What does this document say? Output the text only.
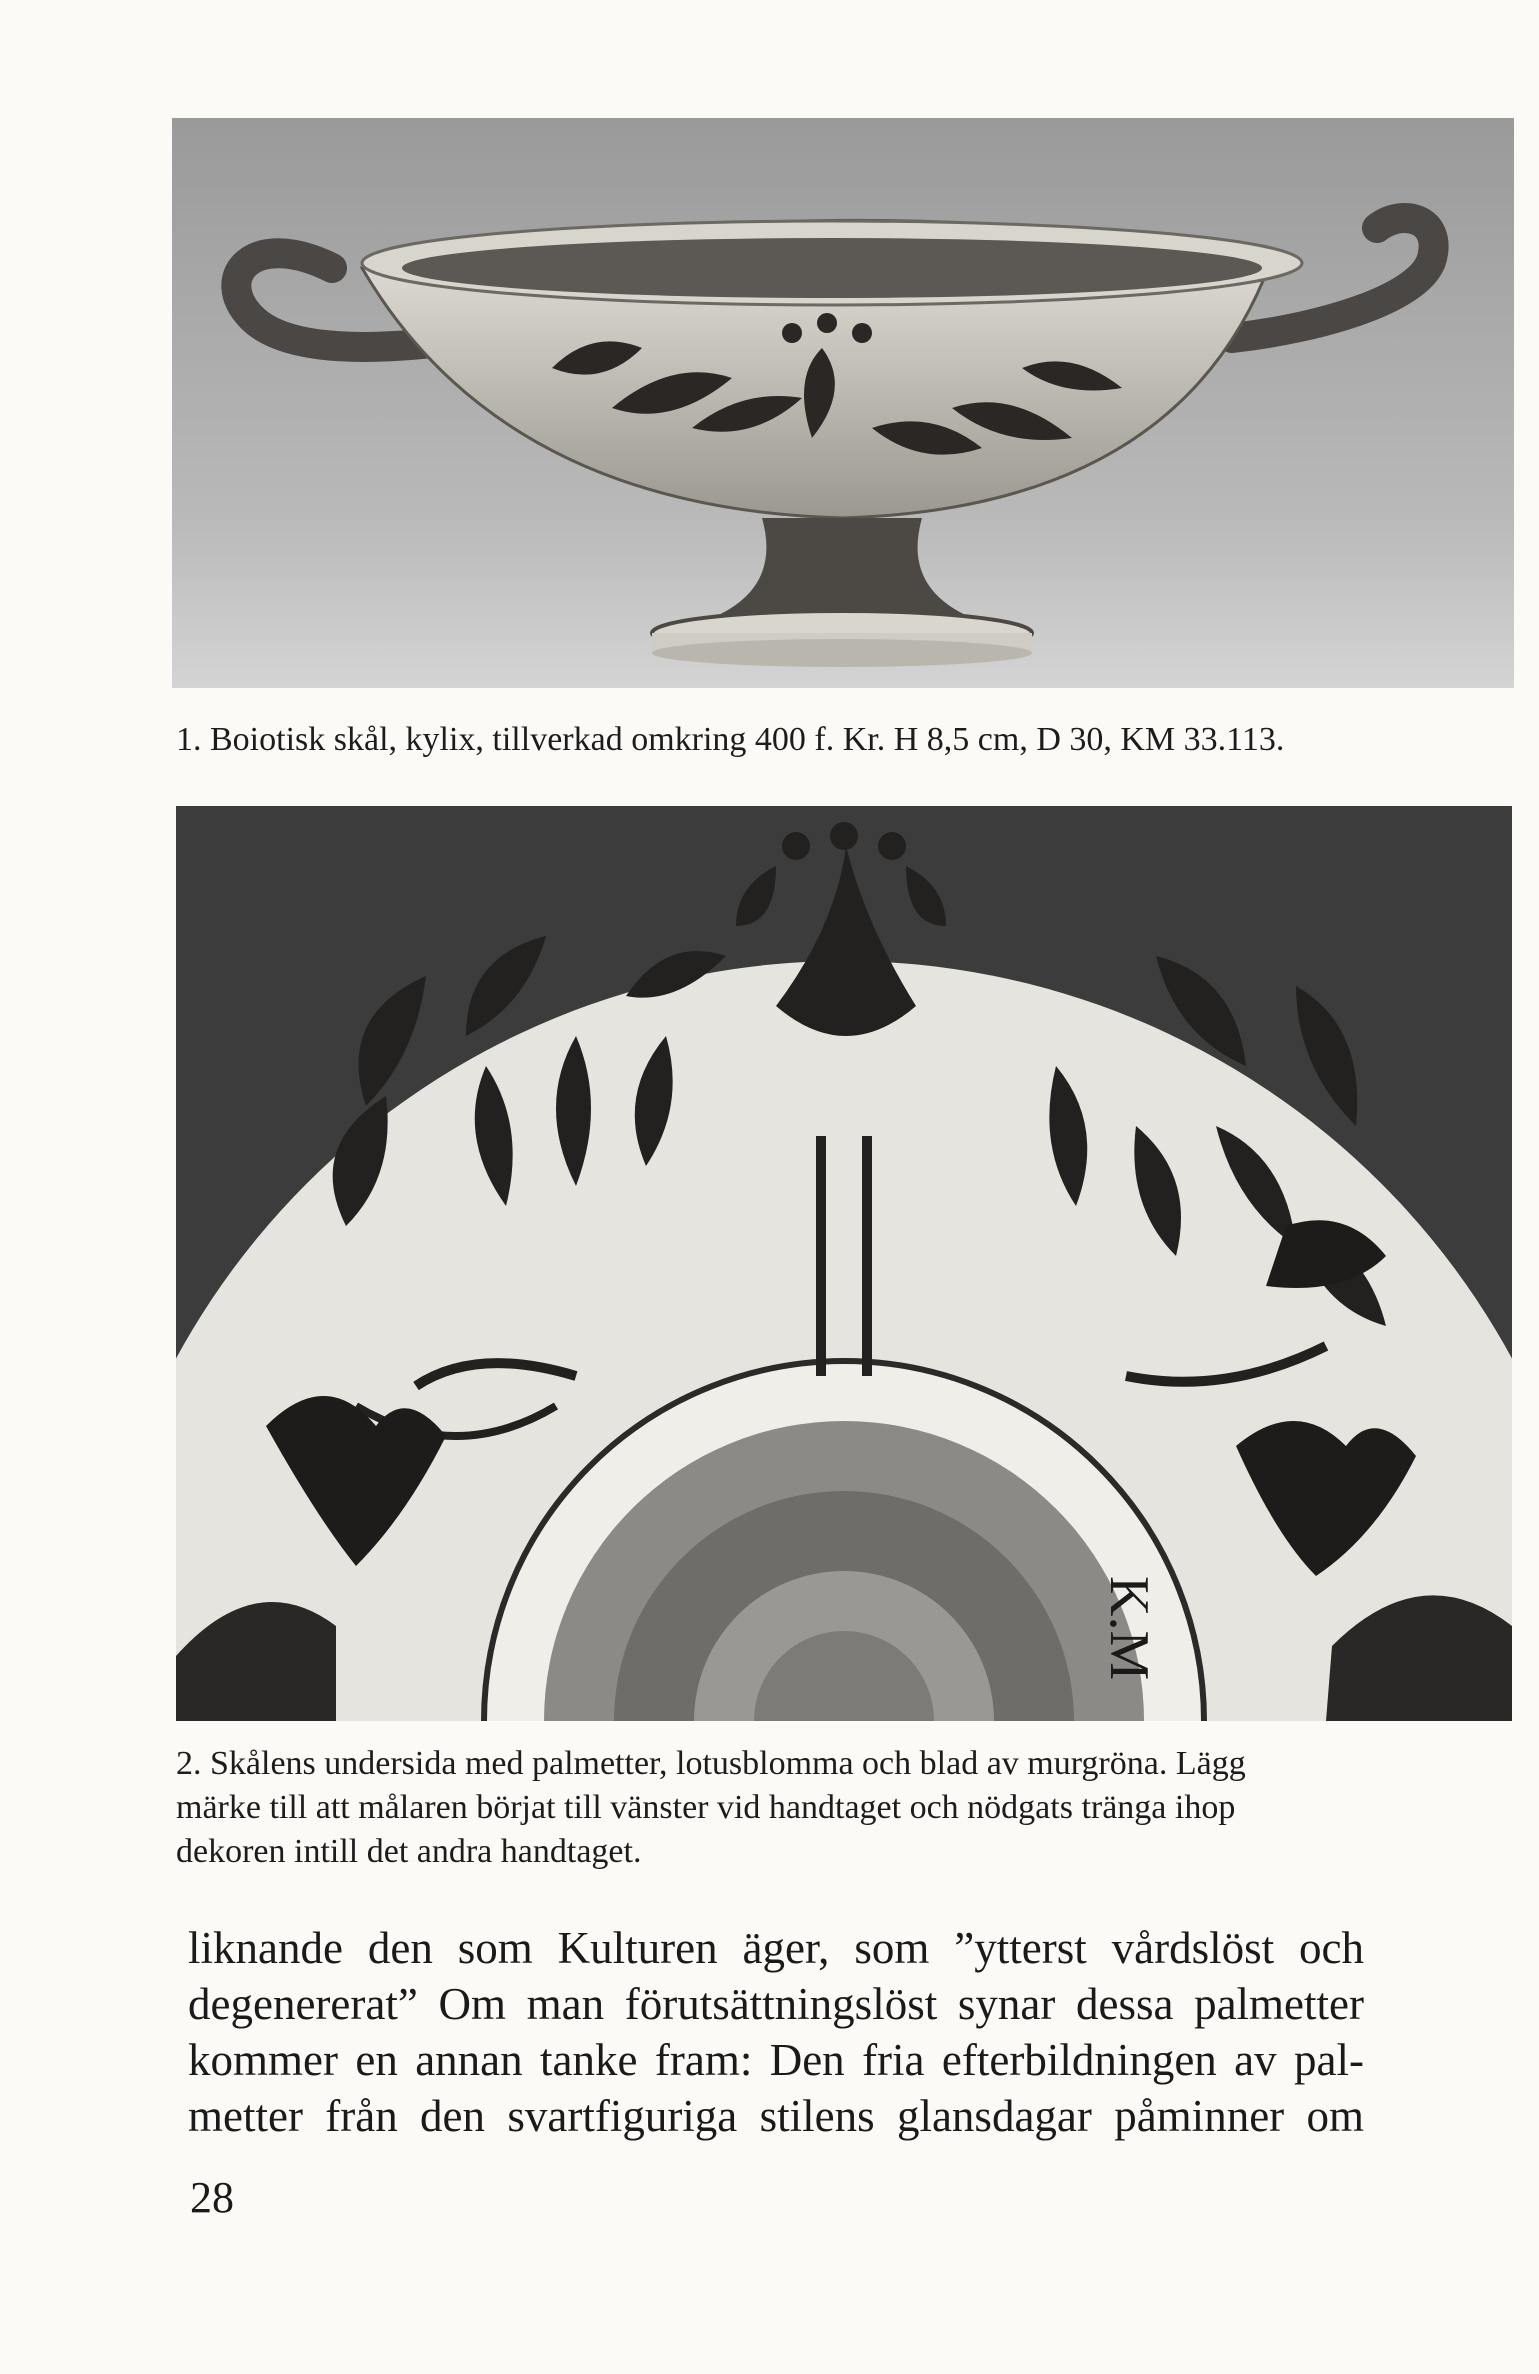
1. Boiotisk skål, kylix, tillverkad omkring 400 f. Kr. H 8,5 cm, D 30, KM 33.113.
K.M
2. Skålens undersida med palmetter, lotusblomma och blad av murgröna. Lägg
märke till att målaren börjat till vänster vid handtaget och nödgats tränga ihop
dekoren intill det andra handtaget.
liknande den som Kulturen äger, som ”ytterst vårdslöst och
degenererat” Om man förutsättningslöst synar dessa palmetter
kommer en annan tanke fram: Den fria efterbildningen av pal-
metter från den svartfiguriga stilens glansdagar påminner om
28
